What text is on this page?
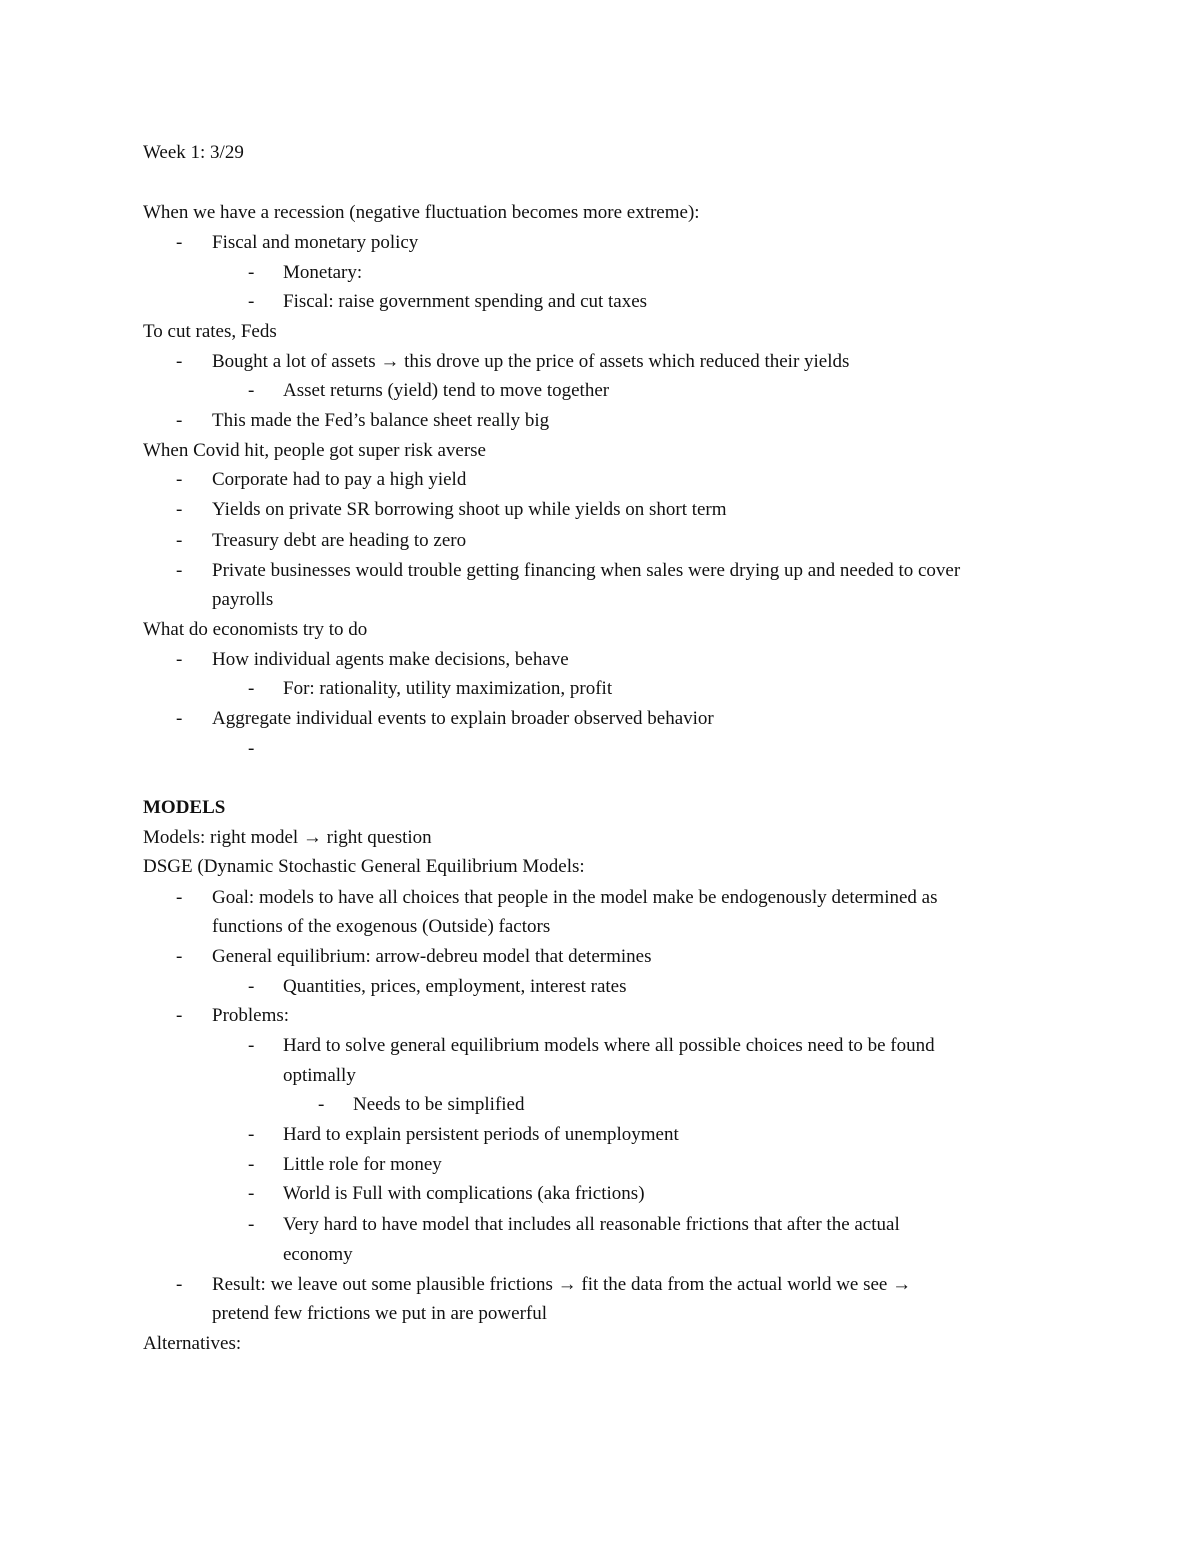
Week 1: 3/29
When we have a recession (negative fluctuation becomes more extreme):
- Fiscal and monetary policy
- Monetary:
- Fiscal: raise government spending and cut taxes
To cut rates, Feds
- Bought a lot of assets → this drove up the price of assets which reduced their yields
- Asset returns (yield) tend to move together
- This made the Fed’s balance sheet really big
When Covid hit, people got super risk averse
- Corporate had to pay a high yield
- Yields on private SR borrowing shoot up while yields on short term
- Treasury debt are heading to zero
- Private businesses would trouble getting financing when sales were drying up and needed to cover
payrolls
What do economists try to do
- How individual agents make decisions, behave
- For: rationality, utility maximization, profit
- Aggregate individual events to explain broader observed behavior
-
MODELS
Models: right model → right question
DSGE (Dynamic Stochastic General Equilibrium Models:
- Goal: models to have all choices that people in the model make be endogenously determined as
functions of the exogenous (Outside) factors
- General equilibrium: arrow-debreu model that determines
- Quantities, prices, employment, interest rates
- Problems:
- Hard to solve general equilibrium models where all possible choices need to be found
optimally
- Needs to be simplified
- Hard to explain persistent periods of unemployment
- Little role for money
- World is Full with complications (aka frictions)
- Very hard to have model that includes all reasonable frictions that after the actual
economy
- Result: we leave out some plausible frictions → fit the data from the actual world we see →
pretend few frictions we put in are powerful
Alternatives:
